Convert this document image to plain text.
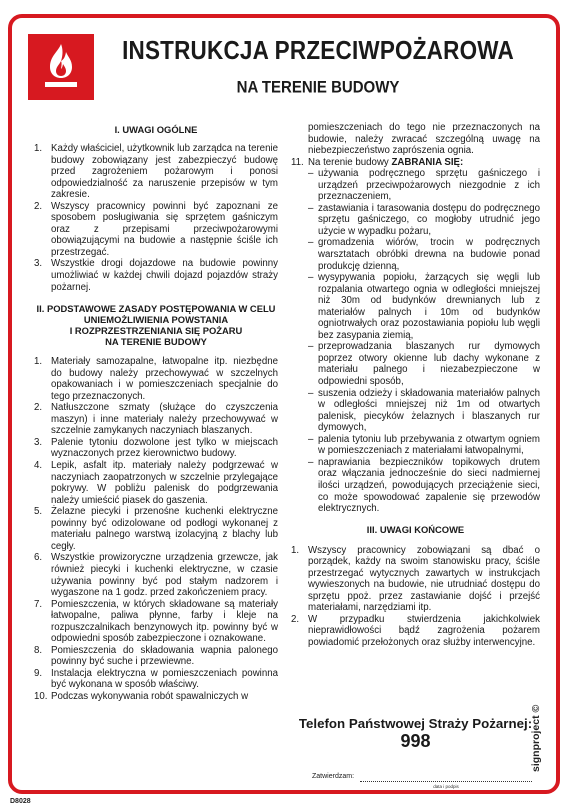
INSTRUKCJA PRZECIWPOŻAROWA
NA TERENIE BUDOWY
I. UWAGI OGÓLNE
1. Każdy właściciel, użytkownik lub zarządca na terenie budowy zobowiązany jest zabezpieczyć budowę przed zagrożeniem pożarowym i ponosi odpowiedzialność za naruszenie przepisów w tym zakresie.
2. Wszyscy pracownicy powinni być zapoznani ze sposobem posługiwania się sprzętem gaśniczym oraz z przepisami przeciwpożarowymi obowiązującymi na budowie a następnie ściśle ich przestrzegać.
3. Wszystkie drogi dojazdowe na budowie powinny umożliwiać w każdej chwili dojazd pojazdów straży pożarnej.
II. PODSTAWOWE ZASADY POSTĘPOWANIA W CELU
UNIEMOŻLIWIENIA POWSTANIA
I ROZPRZESTRZENIANIA SIĘ POŻARU
NA TERENIE BUDOWY
1. Materiały samozapalne, łatwopalne itp. niezbędne do budowy należy przechowywać w szczelnych opakowaniach i w pomieszczeniach specjalnie do tego przeznaczonych.
2. Natłuszczone szmaty (służące do czyszczenia maszyn) i inne materiały należy przechowywać w szczelnie zamykanych naczyniach blaszanych.
3. Palenie tytoniu dozwolone jest tylko w miejscach wyznaczonych przez kierownictwo budowy.
4. Lepik, asfalt itp. materiały należy podgrzewać w naczyniach zaopatrzonych w szczelnie przylegające pokrywy. W pobliżu palenisk do podgrzewania należy umieścić piasek do gaszenia.
5. Żelazne piecyki i przenośne kuchenki elektryczne powinny być odizolowane od podłogi wykonanej z materiału palnego warstwą izolacyjną z blachy lub cegły.
6. Wszystkie prowizoryczne urządzenia grzewcze, jak również piecyki i kuchenki elektryczne, w czasie używania powinny być pod stałym nadzorem i wygaszone na 1 godz. przed zakończeniem pracy.
7. Pomieszczenia, w których składowane są materiały łatwopalne, paliwa płynne, farby i kleje na rozpuszczalnikach benzynowych itp. powinny być w odpowiedni sposób zabezpieczone i oznakowane.
8. Pomieszczenia do składowania wapnia palonego powinny być suche i przewiewne.
9. Instalacja elektryczna w pomieszczeniach powinna być wykonana w sposób właściwy.
10. Podczas wykonywania robót spawalniczych w
pomieszczeniach do tego nie przeznaczonych na budowie, należy zwracać szczególną uwagę na niebezpieczeństwo zaprószenia ognia.
11. Na terenie budowy ZABRANIA SIĘ:
– używania podręcznego sprzętu gaśniczego i urządzeń przeciwpożarowych niezgodnie z ich przeznaczeniem,
– zastawiania i tarasowania dostępu do podręcznego sprzętu gaśniczego, co mogłoby utrudnić jego użycie w wypadku pożaru,
– gromadzenia wiórów, trocin w podręcznych warsztatach obróbki drewna na budowie ponad produkcję dzienną,
– wysypywania popiołu, żarzących się węgli lub rozpalania otwartego ognia w odległości mniejszej niż 30m od budynków drewnianych lub z materiałów palnych i 10m od budynków ogniotrwałych oraz pozostawiania popiołu lub węgli bez zasypania ziemią,
– przeprowadzania blaszanych rur dymowych poprzez otwory okienne lub dachy wykonane z materiału palnego i niezabezpieczone w odpowiedni sposób,
– suszenia odzieży i składowania materiałów palnych w odległości mniejszej niż 1m od otwartych palenisk, piecyków żelaznych i blaszanych rur dymowych,
– palenia tytoniu lub przebywania z otwartym ogniem w pomieszczeniach z materiałami łatwopalnymi,
– naprawiania bezpieczników topikowych drutem oraz włączania jednocześnie do sieci nadmiernej ilości urządzeń, powodujących przeciążenie sieci, co może spowodować zapalenie się przewodów elektrycznych.
III. UWAGI KOŃCOWE
1. Wszyscy pracownicy zobowiązani są dbać o porządek, każdy na swoim stanowisku pracy, ściśle przestrzegać wytycznych zawartych w instrukcjach wywieszonych na budowie, nie utrudniać dostępu do sprzętu ppoż. przez zastawianie dojść i przejść materiałami, narzędziami itp.
2. W przypadku stwierdzenia jakichkolwiek nieprawidłowości bądź zagrożenia pożarem powiadomić przełożonych oraz służby interwencyjne.
Telefon Państwowej Straży Pożarnej:
998
Zatwierdzam:
data i podpis
signproject ©
D8028
